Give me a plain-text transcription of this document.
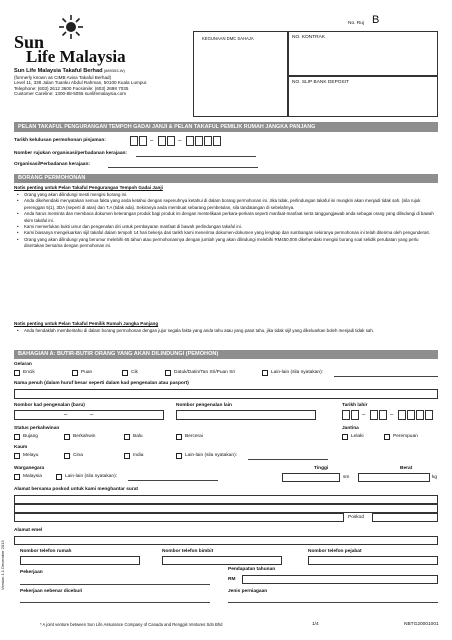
Sun
Life Malaysia
Sun Life Malaysia Takaful Berhad (689353-W)
(formerly known as CIMB Aviva Takaful Berhad)
Level 11, 338 Jalan Tuanku Abdul Rahman, 50100 Kuala Lumpur.
Telephone: (603) 2612 3600 Facsimile: (603) 2698 7035
Customer Careline: 1300-88-5055 sunlifemalaysia.com
No. Ruj B
KEGUNAAN DMC SAHAJA	NO. KONTRAK
NO. SLIP BANK DEPOSIT
PELAN TAKAFUL PENGURANGAN TEMPOH GADAI JANJI & PELAN TAKAFUL PEMILIK RUMAH JANGKA PANJANG
Tarikh kelulusan permohonan pinjaman:	–	–
Nomber rujukan organisasi/perbadanan kerajaan:
Organisasi/Perbadanan kerajaan:
BORANG PERMOHONAN
Notis penting untuk Pelan Takaful Pengurangan Tempoh Gadai Janji
• Orang yang akan dilindungi mesti mengisi borang ini.
• Anda dikehendaki menyatakan semua fakta yang anda ketahui dengan sepenuhnya ketahui di dalam borang permohonan ini. Jika tidak, perlindungan takaful ini mungkin akan menjadi tidak sah. (sila rujuk perenggan 5(1), 3DA (seperti di atas) dan T.A (tidak ada). Sekiranya anda membuat sebarang pembetulan, sila tandatangan di sebelahnya.
• Anda harus meminta dan membaca dokumen keterangan produk bagi produk ini dengan mentelikaan perkara-perkara seperti manfaat-manfaat serta tanggungjawab anda sebagai orang yang dilindungi di bawah skim takaful ini.
• Kami memerlukan bukti umur dan pengenalan diri untuk pembayaran manfaat di bawah perlindungan takaful ini.
• Kami biasanya mengeluarkan sijil takaful dalam tempoh 14 hari bekerja dari tarikh kami menerima dokumen-dokumen yang lengkap dan sumbangan sekiranya permohonan ini telah diterima oleh pengunderait.
• Orang yang akan dilindungi yang berumur melebihi 65 tahun atau permohonannya dengan jumlah yang akan dilindungi melebihi RM450,000 dikehendaki mengisi borang soal selidik perubatan yang perlu disertakan bersama dengan permohonan ini.
Notis penting untuk Pelan Takaful Pemilik Rumah Jangka Panjang
• Anda hendaklah memberitahu di dalam borang permohonan dengan jujur segala fakta yang anda tahu atau yang patut tahu, jika tidak sijil yang dikeluarkan boleh menjadi tidak sah.
BAHAGIAN A: BUTIR-BUTIR ORANG YANG AKAN DILINDUNGI (PEMOHON)
Gelaran
Encik	Puan	Cik	Datuk/Datin/Tan Sri/Puan Sri	Lain-lain (sila nyatakan):
Nama penuh (dalam huruf besar seperti dalam kad pengenalan atau pasport)
Nombor kad pengenalan (baru)
–	–
Nombor pengenalan lain	Tarikh lahir
–	–
Status perkahwinan
Bujang	Berkahwin	Balu	Bercerai
Jantina
Lelaki	Perempuan
Kaum
Melayu	Cina	India	Lain-lain (sila nyatakan):
Warganegara
Malaysia	Lain-lain (sila nyatakan):
Tinggi
sm
Berat
kg
Alamat bersama poskod untuk kami menghantar surat
Poskod
Alamat emel
Nombor telefon rumah	Nombor telefon bimbit	Nombor telefon pejabat
Pekerjaan
Pendapatan tahunan
RM
Pekerjaan sebenar diceburi	Jenis perniagaan
Version 1.1 December 2013
* A joint venture between Sun Life Assurance Company of Canada and Renggis Ventures Sdn Bhd	1/4	NBTG20001001
